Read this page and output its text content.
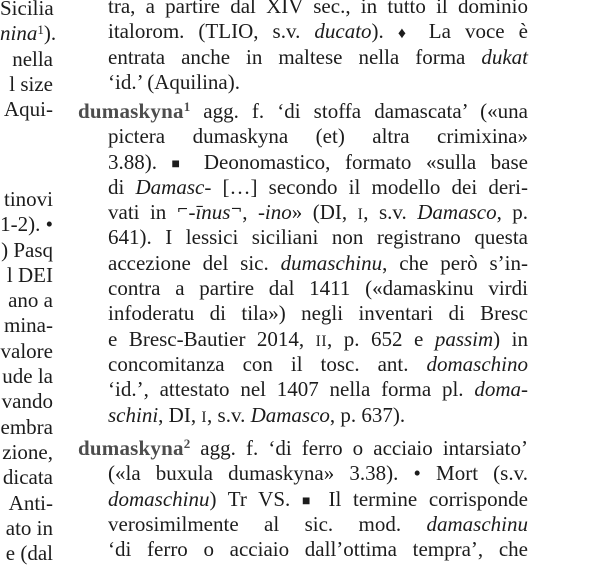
Sicilia
nina$^1$).
nella
l size
Aqui-
tinovi
1-2). •
) Pasq
l DEI
ano a
mina-
valore
ude la
vando
embra
zione,
dicata
Anti-
ato in
e (dal
tra, a partire dal XIV sec., in tutto il dominio
italorom. (TLIO, s.v. ducato). ♦ La voce è
entrata anche in maltese nella forma dukat
‘id.’ (Aquilina).
dumaskyna$^1$ agg. f. ‘di stoffa damascata’ («una
pictera dumaskyna (et) altra crimixina»
3.88). ■ Deonomastico, formato «sulla base
di Damasc- […] secondo il modello dei deri-
vati in ⌐-īnus¬, -ino» (DI, I, s.v. Damasco, p.
641). I lessici siciliani non registrano questa
accezione del sic. dumaschinu, che però s’in-
contra a partire dal 1411 («damaskinu virdi
infoderatu di tila») negli inventari di Bresc
e Bresc-Bautier 2014, II, p. 652 e passim) in
concomitanza con il tosc. ant. domaschino
‘id.’, attestato nel 1407 nella forma pl. doma-
schini, DI, I, s.v. Damasco, p. 637).
dumaskyna$^2$ agg. f. ‘di ferro o acciaio intarsiato’
(«la buxula dumaskyna» 3.38). • Mort (s.v.
domaschinu) Tr VS. ■ Il termine corrisponde
verosimilmente al sic. mod. damaschinu
‘di ferro o acciaio dall’ottima tempra’, che
